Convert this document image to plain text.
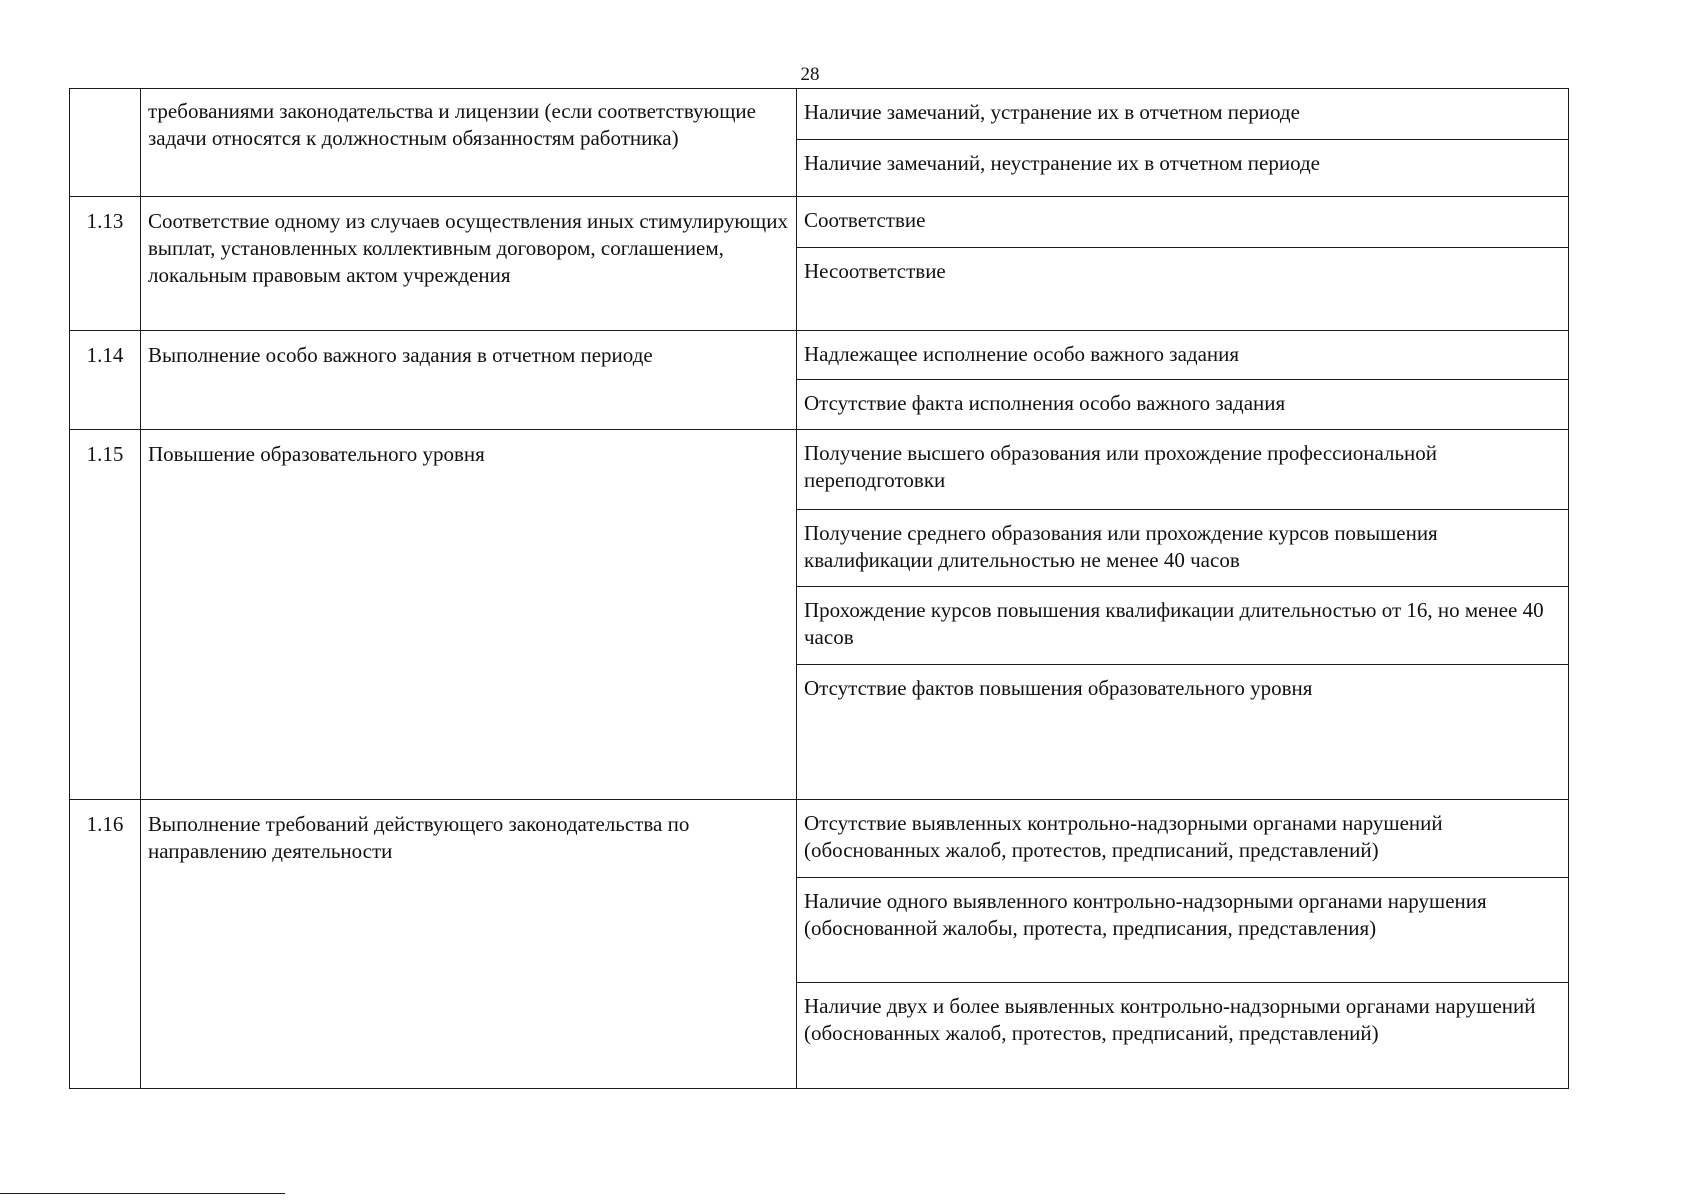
28

	требованиями законодательства и лицензии (если соответствующие задачи относятся к должностным обязанностям работника)	Наличие замечаний, устранение их в отчетном периоде
Наличие замечаний, неустранение их в отчетном периоде

1.13	Соответствие одному из случаев осуществления иных стимулирующих выплат, установленных коллективным договором, соглашением, локальным правовым актом учреждения	Соответствие
Несоответствие

1.14	Выполнение особо важного задания в отчетном периоде	Надлежащее исполнение особо важного задания
Отсутствие факта исполнения особо важного задания

1.15	Повышение образовательного уровня	Получение высшего образования или прохождение профессиональной переподготовки
Получение среднего образования или прохождение курсов повышения квалификации длительностью не менее 40 часов
Прохождение курсов повышения квалификации длительностью от 16, но менее 40 часов
Отсутствие фактов повышения образовательного уровня

1.16	Выполнение требований действующего законодательства по направлению деятельности	Отсутствие выявленных контрольно-надзорными органами нарушений (обоснованных жалоб, протестов, предписаний, представлений)
Наличие одного выявленного контрольно-надзорными органами нарушения (обоснованной жалобы, протеста, предписания, представления)
Наличие двух и более выявленных контрольно-надзорными органами нарушений (обоснованных жалоб, протестов, предписаний, представлений)
